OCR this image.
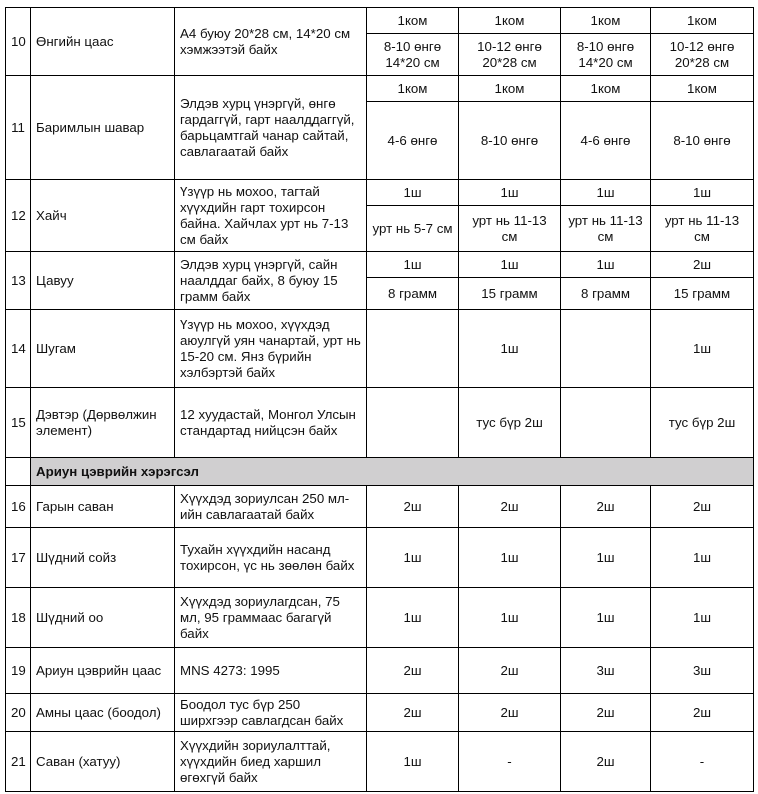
10	Өнгийн цаас	А4 буюу 20*28 см, 14*20 см хэмжээтэй байх	1ком	1ком	1ком	1ком
			8-10 өнгө 14*20 см	10-12 өнгө 20*28 см	8-10 өнгө 14*20 см	10-12 өнгө 20*28 см
11	Баримлын шавар	Элдэв хурц үнэргүй, өнгө гардаггүй, гарт наалддаггүй, барьцамтгай чанар сайтай, савлагаатай байх	1ком	1ком	1ком	1ком
			4-6 өнгө	8-10 өнгө	4-6 өнгө	8-10 өнгө
12	Хайч	Үзүүр нь мохоо, тагтай хүүхдийн гарт тохирсон байна. Хайчлах урт нь 7-13 см байх	1ш	1ш	1ш	1ш
			урт нь 5-7 см	урт нь 11-13 см	урт нь 11-13 см	урт нь 11-13 см
13	Цавуу	Элдэв хурц үнэргүй, сайн наалддаг байх, 8 буюу 15 грамм байх	1ш	1ш	1ш	2ш
			8 грамм	15 грамм	8 грамм	15 грамм
14	Шугам	Үзүүр нь мохоо, хүүхдэд аюулгүй уян чанартай, урт нь 15-20 см. Янз бүрийн хэлбэртэй байх		1ш		1ш
15	Дэвтэр (Дөрвөлжин элемент)	12 хуудастай, Монгол Улсын стандартад нийцсэн байх		тус бүр 2ш		тус бүр 2ш
	Ариун цэврийн хэрэгсэл					
16	Гарын саван	Хүүхдэд зориулсан 250 мл-ийн савлагаатай байх	2ш	2ш	2ш	2ш
17	Шүдний сойз	Тухайн хүүхдийн насанд тохирсон, үс нь зөөлөн байх	1ш	1ш	1ш	1ш
18	Шүдний оо	Хүүхдэд зориулагдсан, 75 мл, 95 граммаас багагүй байх	1ш	1ш	1ш	1ш
19	Ариун цэврийн цаас	MNS 4273: 1995	2ш	2ш	3ш	3ш
20	Амны цаас (боодол)	Боодол тус бүр 250 ширхгээр савлагдсан байх	2ш	2ш	2ш	2ш
21	Саван (хатуу)	Хүүхдийн зориулалттай, хүүхдийн биед харшил өгөхгүй байх	1ш	-	2ш	-
